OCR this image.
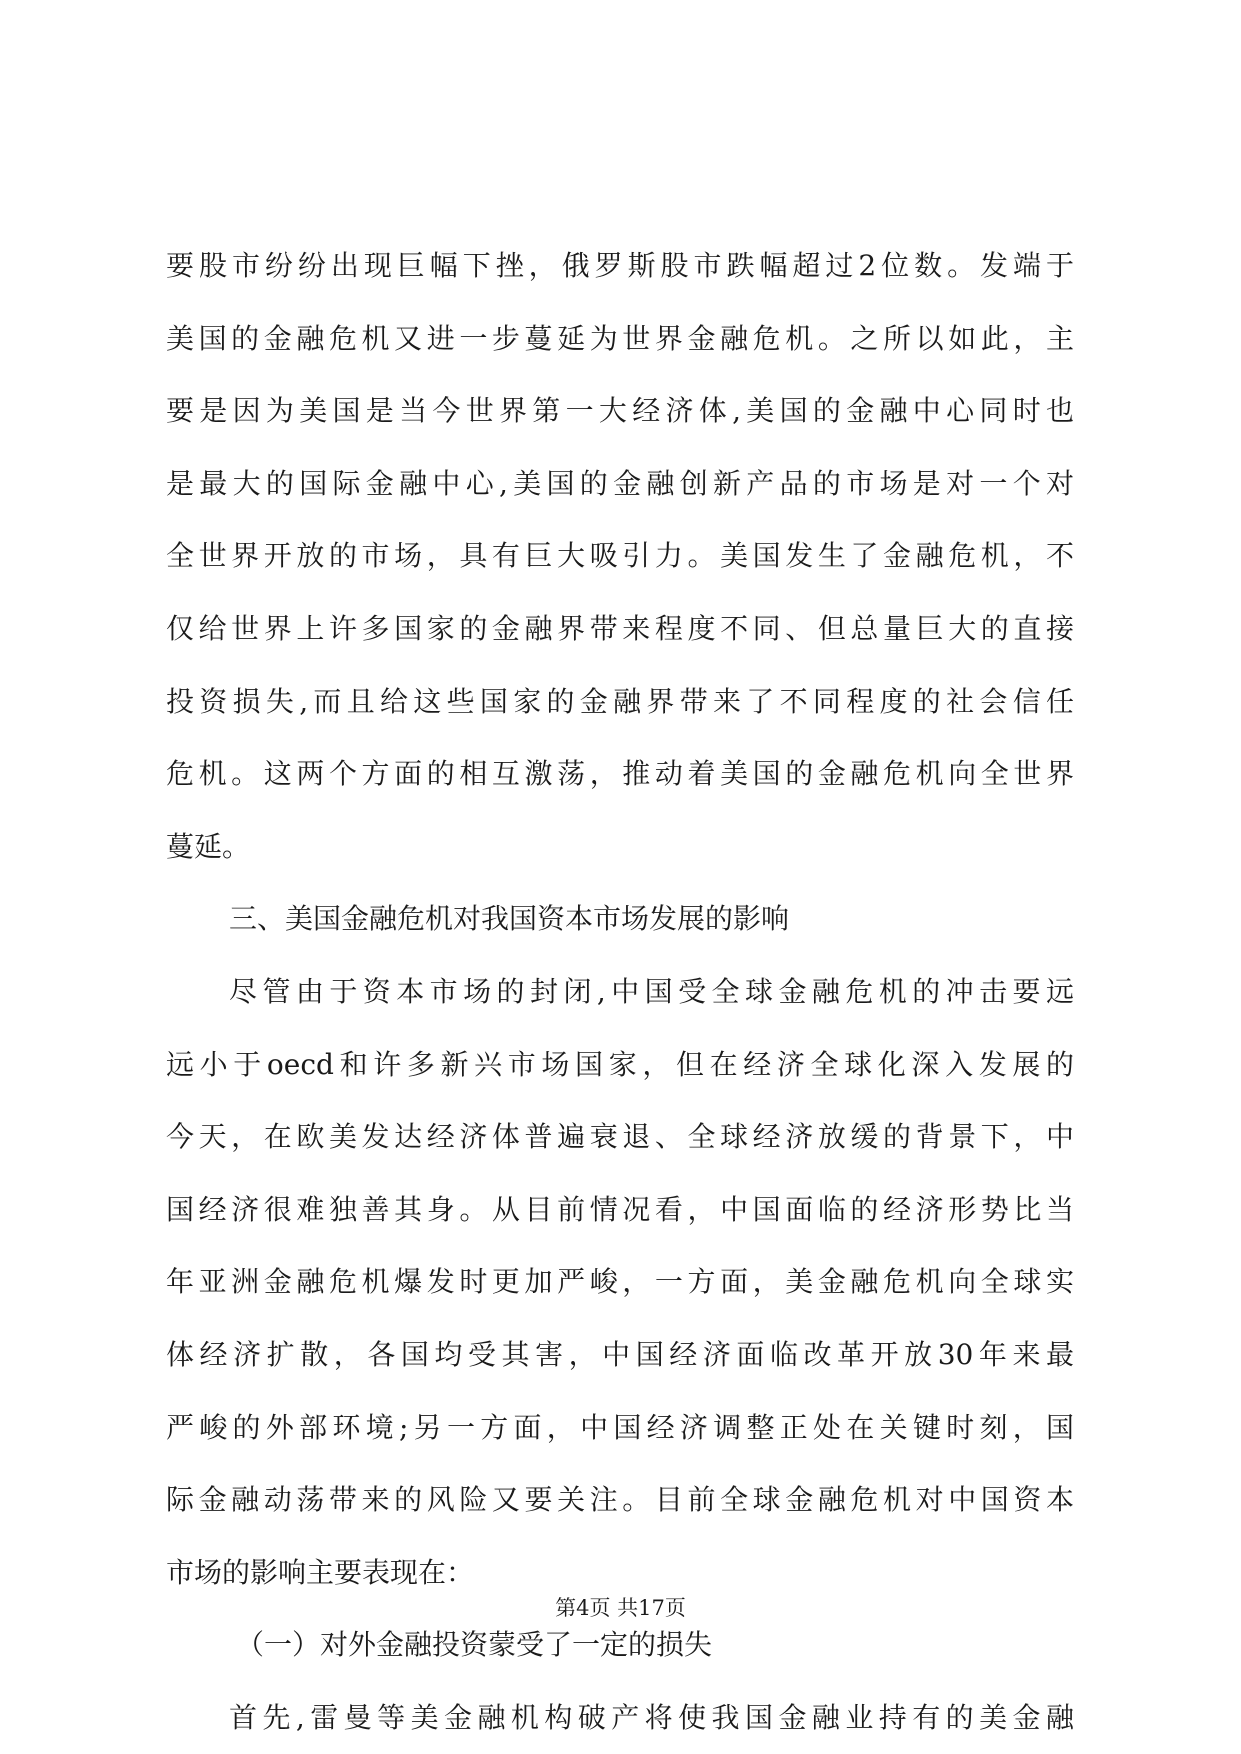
要股市纷纷出现巨幅下挫，俄罗斯股市跌幅超过2位数。发端于
美国的金融危机又进一步蔓延为世界金融危机。之所以如此，主
要是因为美国是当今世界第一大经济体,美国的金融中心同时也
是最大的国际金融中心,美国的金融创新产品的市场是对一个对
全世界开放的市场，具有巨大吸引力。美国发生了金融危机，不
仅给世界上许多国家的金融界带来程度不同、但总量巨大的直接
投资损失,而且给这些国家的金融界带来了不同程度的社会信任
危机。这两个方面的相互激荡，推动着美国的金融危机向全世界
蔓延。
三、美国金融危机对我国资本市场发展的影响
尽管由于资本市场的封闭,中国受全球金融危机的冲击要远
远小于oecd和许多新兴市场国家，但在经济全球化深入发展的
今天，在欧美发达经济体普遍衰退、全球经济放缓的背景下，中
国经济很难独善其身。从目前情况看，中国面临的经济形势比当
年亚洲金融危机爆发时更加严峻，一方面，美金融危机向全球实
体经济扩散，各国均受其害，中国经济面临改革开放30年来最
严峻的外部环境;另一方面，中国经济调整正处在关键时刻，国
际金融动荡带来的风险又要关注。目前全球金融危机对中国资本
市场的影响主要表现在：
（一）对外金融投资蒙受了一定的损失
首先,雷曼等美金融机构破产将使我国金融业持有的美金融
第4页 共17页
